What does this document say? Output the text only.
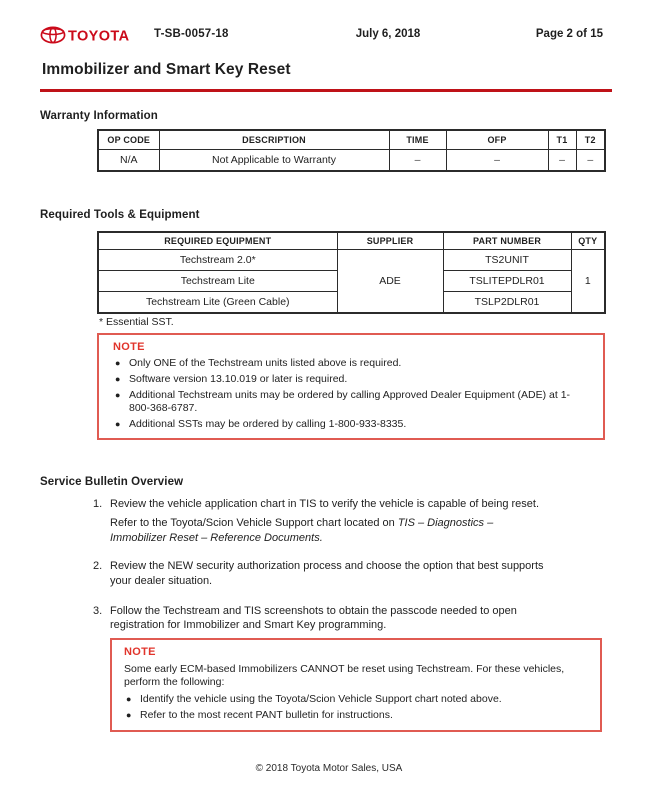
TOYOTA T-SB-0057-18	July 6, 2018	Page 2 of 15
Immobilizer and Smart Key Reset
Warranty Information
OP CODE	DESCRIPTION	TIME	OFP	T1	T2
N/A	Not Applicable to Warranty	–	–	–	–
Required Tools & Equipment
REQUIRED EQUIPMENT	SUPPLIER	PART NUMBER	QTY
Techstream 2.0*	ADE	TS2UNIT	1
Techstream Lite		TSLITEPDLR01	
Techstream Lite (Green Cable)		TSLP2DLR01	
* Essential SST.
NOTE
● Only ONE of the Techstream units listed above is required.
● Software version 13.10.019 or later is required.
● Additional Techstream units may be ordered by calling Approved Dealer Equipment (ADE) at 1-800-368-6787.
● Additional SSTs may be ordered by calling 1-800-933-8335.
Service Bulletin Overview
1. Review the vehicle application chart in TIS to verify the vehicle is capable of being reset.
Refer to the Toyota/Scion Vehicle Support chart located on TIS – Diagnostics –
Immobilizer Reset – Reference Documents.
2. Review the NEW security authorization process and choose the option that best supports
your dealer situation.
3. Follow the Techstream and TIS screenshots to obtain the passcode needed to open
registration for Immobilizer and Smart Key programming.
NOTE
Some early ECM-based Immobilizers CANNOT be reset using Techstream. For these vehicles,
perform the following:
● Identify the vehicle using the Toyota/Scion Vehicle Support chart noted above.
● Refer to the most recent PANT bulletin for instructions.
© 2018 Toyota Motor Sales, USA
